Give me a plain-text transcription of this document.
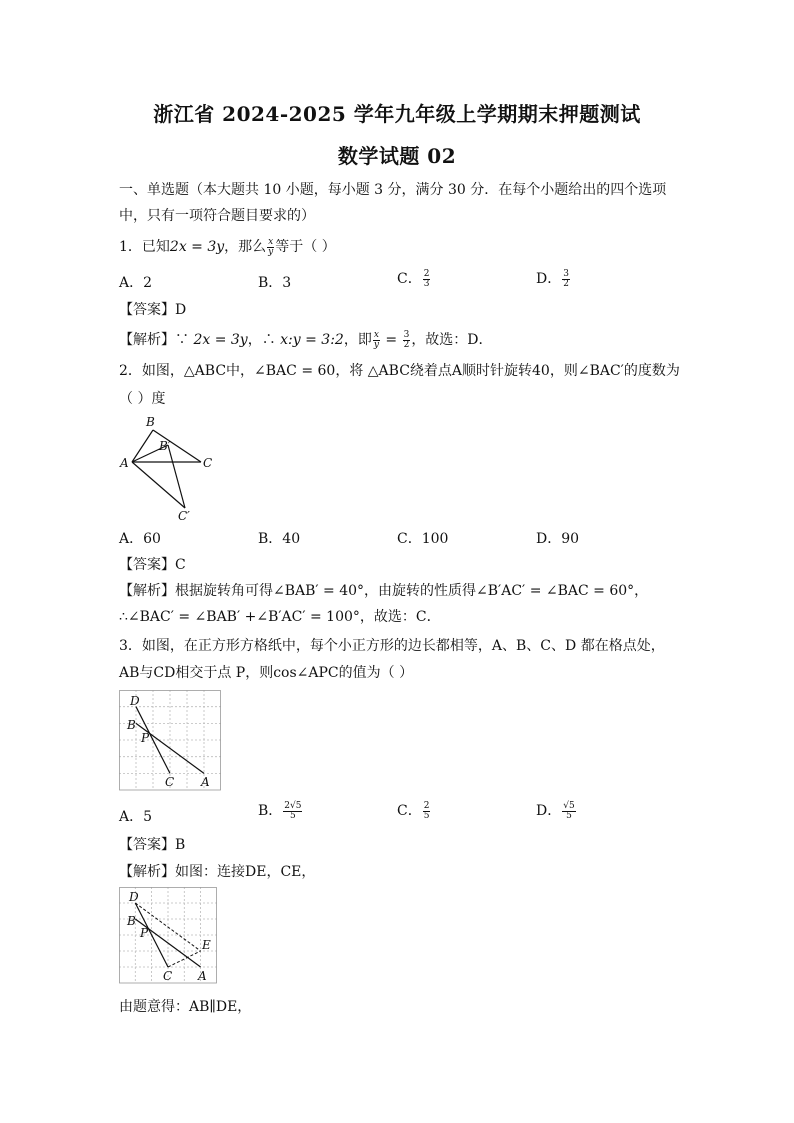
浙江省 2024-2025 学年九年级上学期期末押题测试
数学试题 02
一、单选题（本大题共 10 小题，每小题 3 分，满分 30 分．在每个小题给出的四个选项
中，只有一项符合题目要求的）
1．已知2x = 3y，那么 $\frac{x}{y}$ 等于（ ）
A．2	B．3	C． $\frac{2}{3}$	D． $\frac{3}{2}$
【答案】D
【解析】∵ 2x = 3y，∴ x:y = 3:2，即 $\frac{x}{y} = \frac{3}{2}$ ，故选：D．
2．如图，△ABC中，∠BAC = 60，将 △ABC绕着点A顺时针旋转40，则∠BAC′的度数为
（ ）度
B
B′
A	C
C′
A．60	B．40	C．100	D．90
【答案】C
【解析】根据旋转角可得∠BAB′ = 40°，由旋转的性质得∠B′AC′ = ∠BAC = 60°，
∴∠BAC′ = ∠BAB′ +∠B′AC′ = 100°，故选：C．
3．如图，在正方形方格纸中，每个小正方形的边长都相等，A、B、C、D 都在格点处，
AB与CD相交于点 P，则cos∠APC的值为（ ）
D
B
P
C A
A．5	B． $\frac{2√5}{5}$	C． $\frac{2}{5}$	D． $\frac{√5}{5}$
【答案】B
【解析】如图：连接DE，CE，
D
B
P
E
C A
由题意得：AB∥DE，
